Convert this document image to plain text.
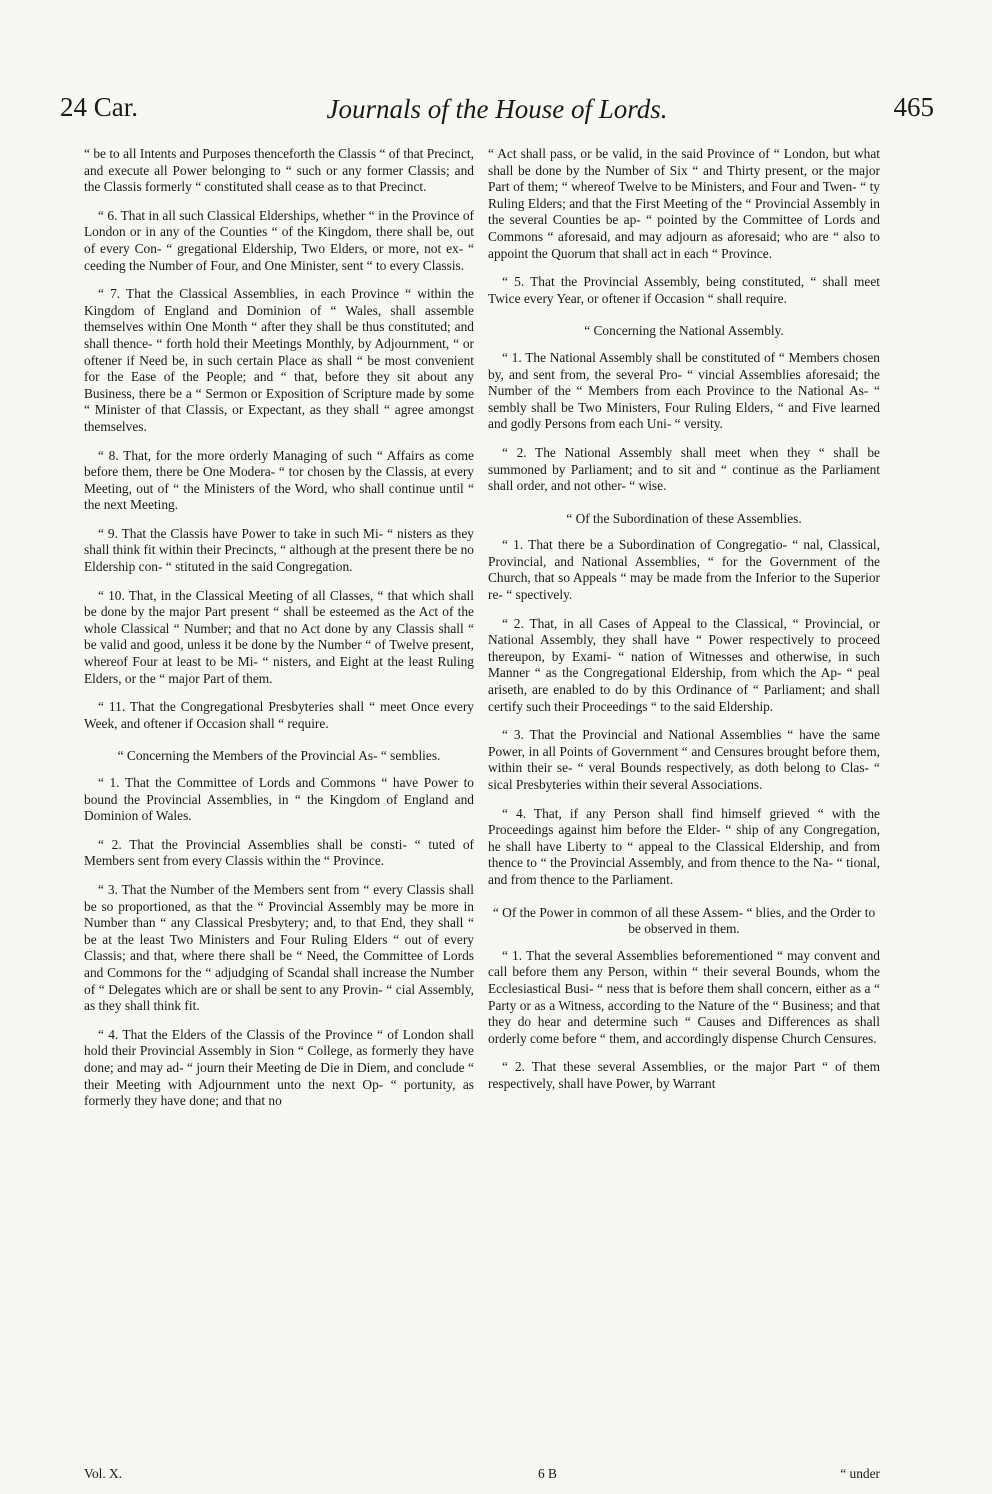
24 Car.	Journals of the House of Lords.	465

“ be to all Intents and Purposes thenceforth the Classis “ of that Precinct, and execute all Power belonging to “ such or any former Classis; and the Classis formerly “ constituted shall cease as to that Precinct.

“ 6. That in all such Classical Elderships, whether “ in the Province of London or in any of the Counties “ of the Kingdom, there shall be, out of every Con- “ gregational Eldership, Two Elders, or more, not ex- “ ceeding the Number of Four, and One Minister, sent “ to every Classis.

“ 7. That the Classical Assemblies, in each Province “ within the Kingdom of England and Dominion of “ Wales, shall assemble themselves within One Month “ after they shall be thus constituted; and shall thence- “ forth hold their Meetings Monthly, by Adjournment, “ or oftener if Need be, in such certain Place as shall “ be most convenient for the Ease of the People; and “ that, before they sit about any Business, there be a “ Sermon or Exposition of Scripture made by some “ Minister of that Classis, or Expectant, as they shall “ agree amongst themselves.

“ 8. That, for the more orderly Managing of such “ Affairs as come before them, there be One Modera- “ tor chosen by the Classis, at every Meeting, out of “ the Ministers of the Word, who shall continue until “ the next Meeting.

“ 9. That the Classis have Power to take in such Mi- “ nisters as they shall think fit within their Precincts, “ although at the present there be no Eldership con- “ stituted in the said Congregation.

“ 10. That, in the Classical Meeting of all Classes, “ that which shall be done by the major Part present “ shall be esteemed as the Act of the whole Classical “ Number; and that no Act done by any Classis shall “ be valid and good, unless it be done by the Number “ of Twelve present, whereof Four at least to be Mi- “ nisters, and Eight at the least Ruling Elders, or the “ major Part of them.

“ 11. That the Congregational Presbyteries shall “ meet Once every Week, and oftener if Occasion shall “ require.

“ Concerning the Members of the Provincial As- “ semblies.

“ 1. That the Committee of Lords and Commons “ have Power to bound the Provincial Assemblies, in “ the Kingdom of England and Dominion of Wales.

“ 2. That the Provincial Assemblies shall be consti- “ tuted of Members sent from every Classis within the “ Province.

“ 3. That the Number of the Members sent from “ every Classis shall be so proportioned, as that the “ Provincial Assembly may be more in Number than “ any Classical Presbytery; and, to that End, they shall “ be at the least Two Ministers and Four Ruling Elders “ out of every Classis; and that, where there shall be “ Need, the Committee of Lords and Commons for the “ adjudging of Scandal shall increase the Number of “ Delegates which are or shall be sent to any Provin- “ cial Assembly, as they shall think fit.

“ 4. That the Elders of the Classis of the Province “ of London shall hold their Provincial Assembly in Sion “ College, as formerly they have done; and may ad- “ journ their Meeting de Die in Diem, and conclude “ their Meeting with Adjournment unto the next Op- “ portunity, as formerly they have done; and that no

“ Act shall pass, or be valid, in the said Province of “ London, but what shall be done by the Number of Six “ and Thirty present, or the major Part of them; “ whereof Twelve to be Ministers, and Four and Twen- “ ty Ruling Elders; and that the First Meeting of the “ Provincial Assembly in the several Counties be ap- “ pointed by the Committee of Lords and Commons “ aforesaid, and may adjourn as aforesaid; who are “ also to appoint the Quorum that shall act in each “ Province.

“ 5. That the Provincial Assembly, being constituted, “ shall meet Twice every Year, or oftener if Occasion “ shall require.

“ Concerning the National Assembly.

“ 1. The National Assembly shall be constituted of “ Members chosen by, and sent from, the several Pro- “ vincial Assemblies aforesaid; the Number of the “ Members from each Province to the National As- “ sembly shall be Two Ministers, Four Ruling Elders, “ and Five learned and godly Persons from each Uni- “ versity.

“ 2. The National Assembly shall meet when they “ shall be summoned by Parliament; and to sit and “ continue as the Parliament shall order, and not other- “ wise.

“ Of the Subordination of these Assemblies.

“ 1. That there be a Subordination of Congregatio- “ nal, Classical, Provincial, and National Assemblies, “ for the Government of the Church, that so Appeals “ may be made from the Inferior to the Superior re- “ spectively.

“ 2. That, in all Cases of Appeal to the Classical, “ Provincial, or National Assembly, they shall have “ Power respectively to proceed thereupon, by Exami- “ nation of Witnesses and otherwise, in such Manner “ as the Congregational Eldership, from which the Ap- “ peal ariseth, are enabled to do by this Ordinance of “ Parliament; and shall certify such their Proceedings “ to the said Eldership.

“ 3. That the Provincial and National Assemblies “ have the same Power, in all Points of Government “ and Censures brought before them, within their se- “ veral Bounds respectively, as doth belong to Clas- “ sical Presbyteries within their several Associations.

“ 4. That, if any Person shall find himself grieved “ with the Proceedings against him before the Elder- “ ship of any Congregation, he shall have Liberty to “ appeal to the Classical Eldership, and from thence to “ the Provincial Assembly, and from thence to the Na- “ tional, and from thence to the Parliament.

“ Of the Power in common of all these Assem- “ blies, and the Order to be observed in them.

“ 1. That the several Assemblies beforementioned “ may convent and call before them any Person, within “ their several Bounds, whom the Ecclesiastical Busi- “ ness that is before them shall concern, either as a “ Party or as a Witness, according to the Nature of the “ Business; and that they do hear and determine such “ Causes and Differences as shall orderly come before “ them, and accordingly dispense Church Censures.

“ 2. That these several Assemblies, or the major Part “ of them respectively, shall have Power, by Warrant

Vol. X.	6 B	“ under
